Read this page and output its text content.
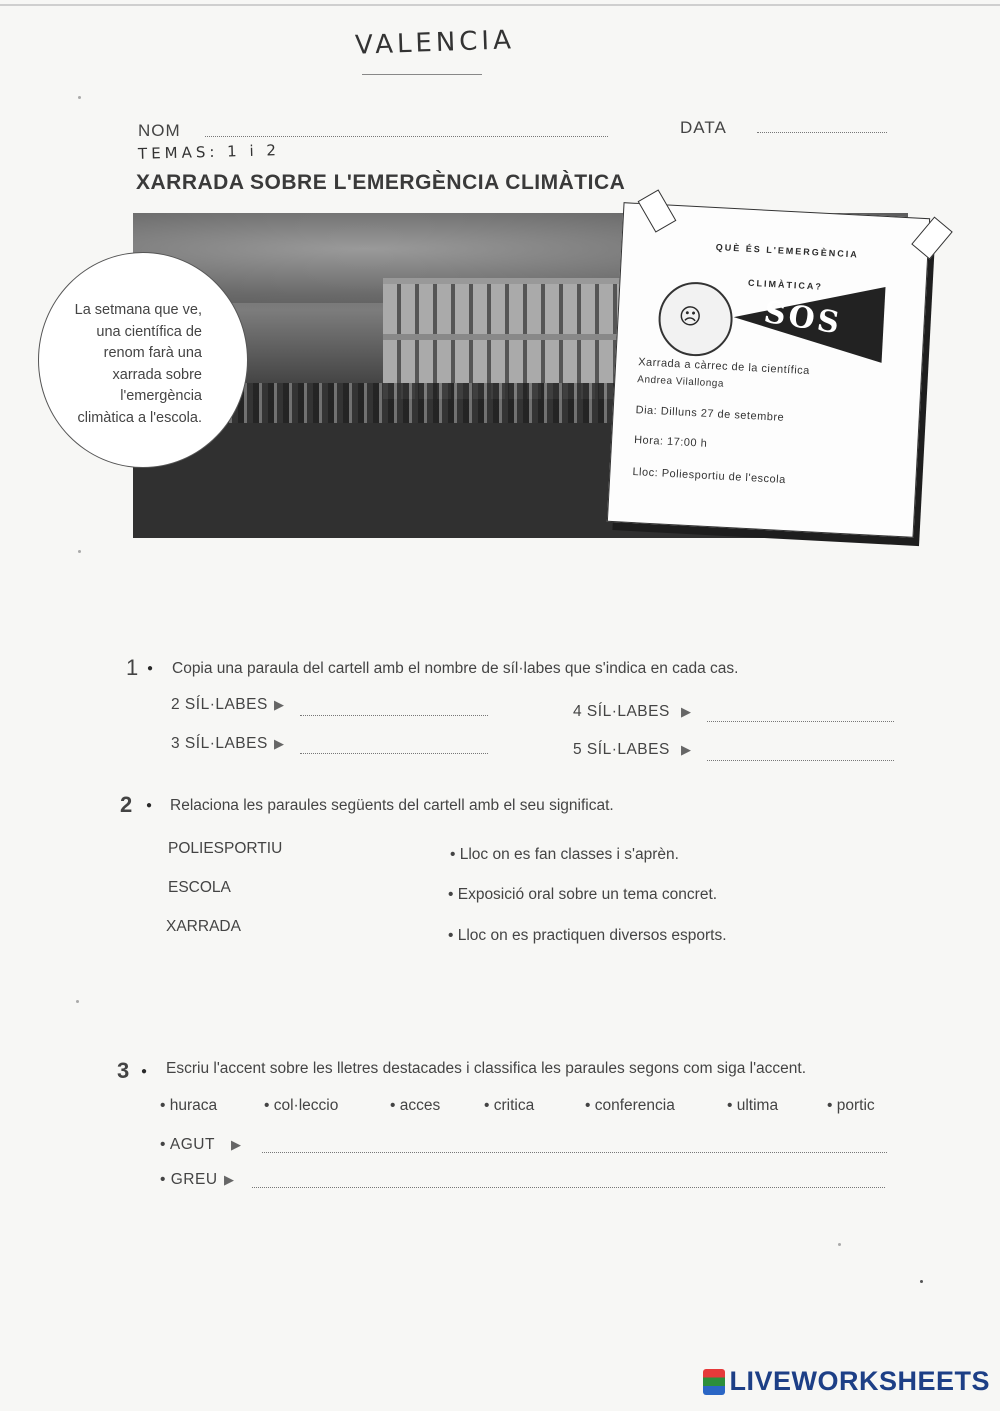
VALENCIA
NOM	DATA
TEMAS: 1 i 2
XARRADA SOBRE L'EMERGÈNCIA CLIMÀTICA
La setmana que ve, una científica de renom farà una xarrada sobre l'emergència climàtica a l'escola.
QUÈ ÉS L'EMERGÈNCIA CLIMÀTICA?
☹ SOS
Xarrada a càrrec de la científica
Andrea Vilallonga
Dia: Dilluns 27 de setembre
Hora: 17:00 h
Lloc: Poliesportiu de l'escola
1 ● Copia una paraula del cartell amb el nombre de síl·labes que s'indica en cada cas.
2 SÍL·LABES ▶
3 SÍL·LABES ▶
4 SÍL·LABES ▶
5 SÍL·LABES ▶
2 ● Relaciona les paraules següents del cartell amb el seu significat.
POLIESPORTIU
ESCOLA
XARRADA
• Lloc on es fan classes i s'aprèn.
• Exposició oral sobre un tema concret.
• Lloc on es practiquen diversos esports.
3 ● Escriu l'accent sobre les lletres destacades i classifica les paraules segons com siga l'accent.
• huraca	• col·leccio	• acces	• critica	• conferencia	• ultima	• portic
• AGUT ▶
• GREU ▶
LIVEWORKSHEETS
